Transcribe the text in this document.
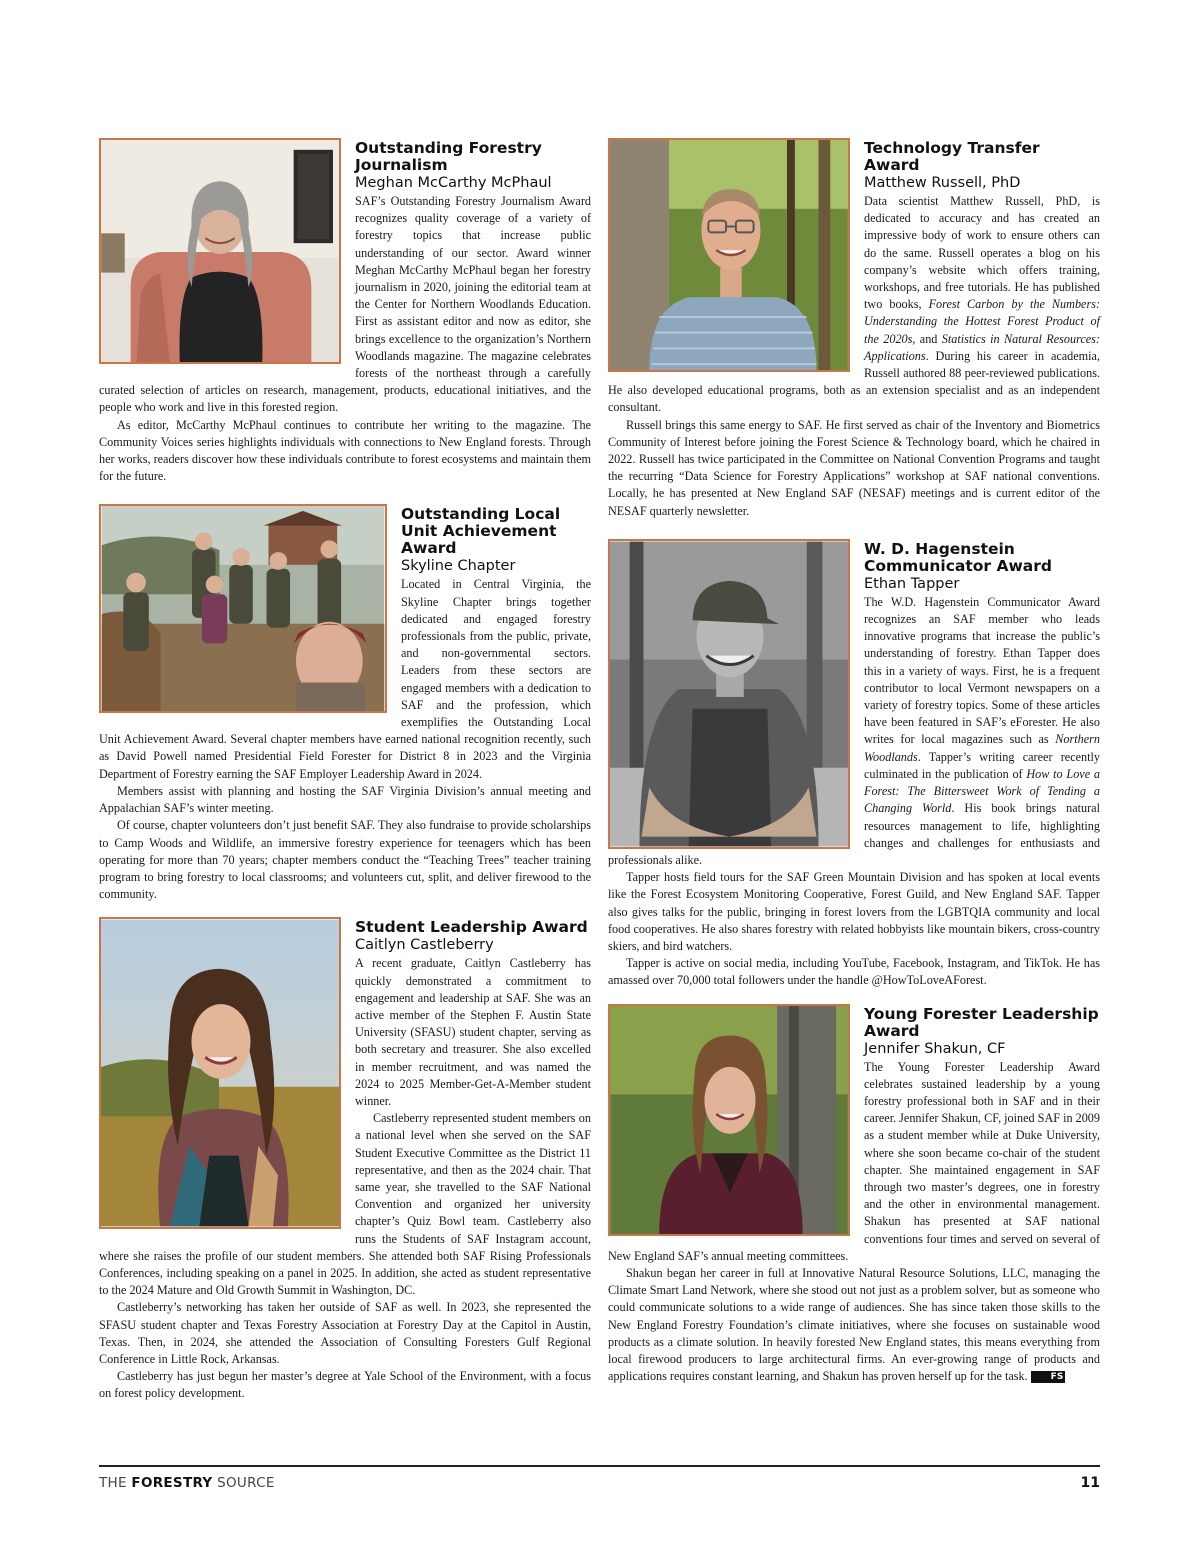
Outstanding Forestry Journalism
Meghan McCarthy McPhaul

SAF’s Outstanding Forestry Journalism Award recognizes quality coverage of a variety of forestry topics that increase public understanding of our sector. Award winner Meghan McCarthy McPhaul began her forestry journalism in 2020, joining the editorial team at the Center for Northern Woodlands Education. First as assistant editor and now as editor, she brings excellence to the organization’s Northern Woodlands magazine. The magazine celebrates forests of the northeast through a carefully curated selection of articles on research, management, products, educational initiatives, and the people who work and live in this forested region.

As editor, McCarthy McPhaul continues to contribute her writing to the magazine. The Community Voices series highlights individuals with connections to New England forests. Through her works, readers discover how these individuals contribute to forest ecosystems and maintain them for the future.

Outstanding Local Unit Achievement Award
Skyline Chapter

Located in Central Virginia, the Skyline Chapter brings together dedicated and engaged forestry professionals from the public, private, and non-governmental sectors. Leaders from these sectors are engaged members with a dedication to SAF and the profession, which exemplifies the Outstanding Local Unit Achievement Award. Several chapter members have earned national recognition recently, such as David Powell named Presidential Field Forester for District 8 in 2023 and the Virginia Department of Forestry earning the SAF Employer Leadership Award in 2024.

Members assist with planning and hosting the SAF Virginia Division’s annual meeting and Appalachian SAF’s winter meeting.

Of course, chapter volunteers don’t just benefit SAF. They also fundraise to provide scholarships to Camp Woods and Wildlife, an immersive forestry experience for teenagers which has been operating for more than 70 years; chapter members conduct the “Teaching Trees” teacher training program to bring forestry to local classrooms; and volunteers cut, split, and deliver firewood to the community.

Student Leadership Award
Caitlyn Castleberry

A recent graduate, Caitlyn Castleberry has quickly demonstrated a commitment to engagement and leadership at SAF. She was an active member of the Stephen F. Austin State University (SFASU) student chapter, serving as both secretary and treasurer. She also excelled in member recruitment, and was named the 2024 to 2025 Member-Get-A-Member student winner.

Castleberry represented student members on a national level when she served on the SAF Student Executive Committee as the District 11 representative, and then as the 2024 chair. That same year, she travelled to the SAF National Convention and organized her university chapter’s Quiz Bowl team. Castleberry also runs the Students of SAF Instagram account, where she raises the profile of our student members. She attended both SAF Rising Professionals Conferences, including speaking on a panel in 2025. In addition, she acted as student representative to the 2024 Mature and Old Growth Summit in Washington, DC.

Castleberry’s networking has taken her outside of SAF as well. In 2023, she represented the SFASU student chapter and Texas Forestry Association at Forestry Day at the Capitol in Austin, Texas. Then, in 2024, she attended the Association of Consulting Foresters Gulf Regional Conference in Little Rock, Arkansas.

Castleberry has just begun her master’s degree at Yale School of the Environment, with a focus on forest policy development.

Technology Transfer Award
Matthew Russell, PhD

Data scientist Matthew Russell, PhD, is dedicated to accuracy and has created an impressive body of work to ensure others can do the same. Russell operates a blog on his company’s website which offers training, workshops, and free tutorials. He has published two books, Forest Carbon by the Numbers: Understanding the Hottest Forest Product of the 2020s, and Statistics in Natural Resources: Applications. During his career in academia, Russell authored 88 peer-reviewed publications. He also developed educational programs, both as an extension specialist and as an independent consultant.

Russell brings this same energy to SAF. He first served as chair of the Inventory and Biometrics Community of Interest before joining the Forest Science & Technology board, which he chaired in 2022. Russell has twice participated in the Committee on National Convention Programs and taught the recurring “Data Science for Forestry Applications” workshop at SAF national conventions. Locally, he has presented at New England SAF (NESAF) meetings and is current editor of the NESAF quarterly newsletter.

W. D. Hagenstein Communicator Award
Ethan Tapper

The W.D. Hagenstein Communicator Award recognizes an SAF member who leads innovative programs that increase the public’s understanding of forestry. Ethan Tapper does this in a variety of ways. First, he is a frequent contributor to local Vermont newspapers on a variety of forestry topics. Some of these articles have been featured in SAF’s eForester. He also writes for local magazines such as Northern Woodlands. Tapper’s writing career recently culminated in the publication of How to Love a Forest: The Bittersweet Work of Tending a Changing World. His book brings natural resources management to life, highlighting changes and challenges for enthusiasts and professionals alike.

Tapper hosts field tours for the SAF Green Mountain Division and has spoken at local events like the Forest Ecosystem Monitoring Cooperative, Forest Guild, and New England SAF. Tapper also gives talks for the public, bringing in forest lovers from the LGBTQIA community and local food cooperatives. He also shares forestry with related hobbyists like mountain bikers, cross-country skiers, and bird watchers.

Tapper is active on social media, including YouTube, Facebook, Instagram, and TikTok. He has amassed over 70,000 total followers under the handle @HowToLoveAForest.

Young Forester Leadership Award
Jennifer Shakun, CF

The Young Forester Leadership Award celebrates sustained leadership by a young forestry professional both in SAF and in their career. Jennifer Shakun, CF, joined SAF in 2009 as a student member while at Duke University, where she soon became co-chair of the student chapter. She maintained engagement in SAF through two master’s degrees, one in forestry and the other in environmental management. Shakun has presented at SAF national conventions four times and served on several of New England SAF’s annual meeting committees.

Shakun began her career in full at Innovative Natural Resource Solutions, LLC, managing the Climate Smart Land Network, where she stood out not just as a problem solver, but as someone who could communicate solutions to a wide range of audiences. She has since taken those skills to the New England Forestry Foundation’s climate initiatives, where she focuses on sustainable wood products as a climate solution. In heavily forested New England states, this means everything from local firewood producers to large architectural firms. An ever-growing range of products and applications requires constant learning, and Shakun has proven herself up for the task.	FS

THE FORESTRY SOURCE	11
